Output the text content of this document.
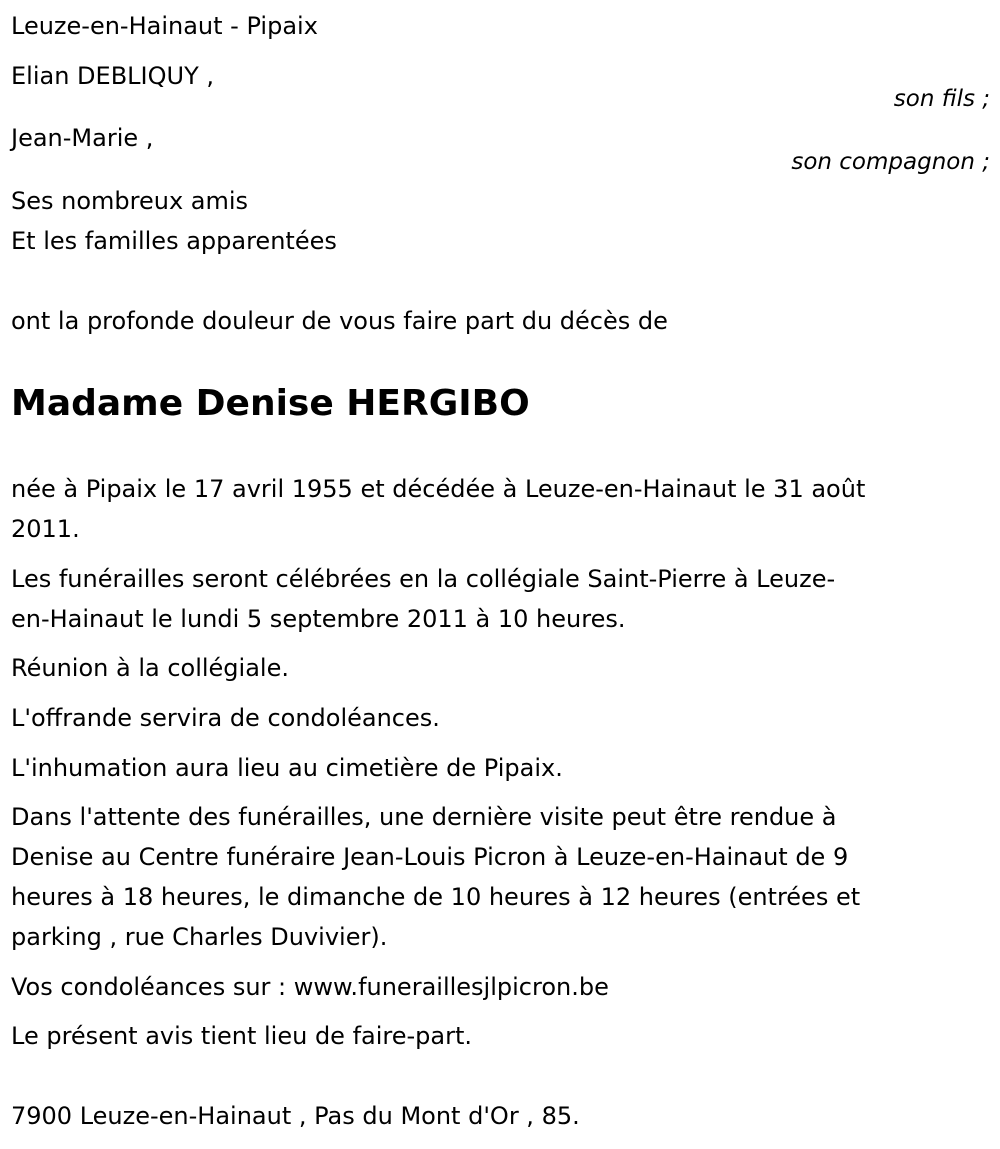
Leuze-en-Hainaut - Pipaix
Elian DEBLIQUY ,
son fils ;
Jean-Marie ,
son compagnon ;
Ses nombreux amis
Et les familles apparentées
ont la profonde douleur de vous faire part du décès de
Madame Denise HERGIBO
née à Pipaix le 17 avril 1955 et décédée à Leuze-en-Hainaut le 31 août
2011.
Les funérailles seront célébrées en la collégiale Saint-Pierre à Leuze-
en-Hainaut le lundi 5 septembre 2011 à 10 heures.
Réunion à la collégiale.
L'offrande servira de condoléances.
L'inhumation aura lieu au cimetière de Pipaix.
Dans l'attente des funérailles, une dernière visite peut être rendue à
Denise au Centre funéraire Jean-Louis Picron à Leuze-en-Hainaut de 9
heures à 18 heures, le dimanche de 10 heures à 12 heures (entrées et
parking , rue Charles Duvivier).
Vos condoléances sur : www.funeraillesjlpicron.be
Le présent avis tient lieu de faire-part.
7900 Leuze-en-Hainaut , Pas du Mont d'Or , 85.
